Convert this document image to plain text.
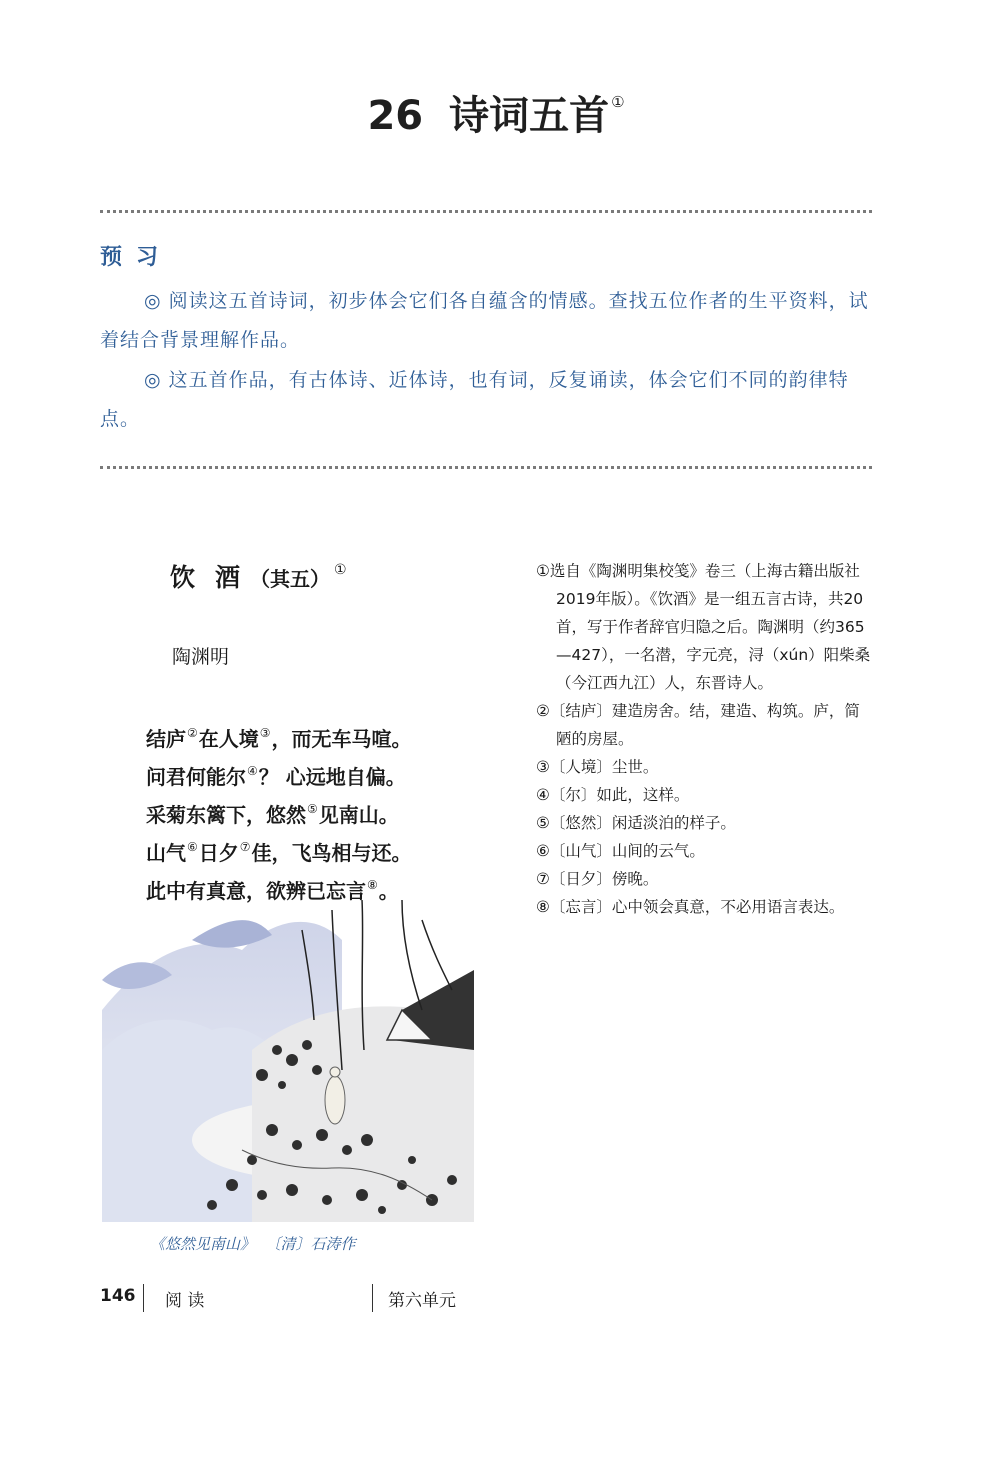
26 诗词五首 ①
预习
◎ 阅读这五首诗词，初步体会它们各自蕴含的情感。查找五位作者的生平资料，试着结合背景理解作品。
◎ 这五首作品，有古体诗、近体诗，也有词，反复诵读，体会它们不同的韵律特点。
饮 酒 （其五） ①
陶渊明
结庐②在人境③，而无车马喧。
问君何能尔④？ 心远地自偏。
采菊东篱下，悠然⑤见南山。
山气⑥日夕⑦佳，飞鸟相与还。
此中有真意，欲辨已忘言⑧。
《悠然见南山》 〔清〕石涛作

①选自《陶渊明集校笺》卷三（上海古籍出版社2019年版）。《饮酒》是一组五言古诗，共20首，写于作者辞官归隐之后。陶渊明（约365—427），一名潜，字元亮，浔（xún）阳柴桑（今江西九江）人，东晋诗人。

②〔结庐〕建造房舍。结，建造、构筑。庐，简陋的房屋。

③〔人境〕尘世。

④〔尔〕如此，这样。

⑤〔悠然〕闲适淡泊的样子。

⑥〔山气〕山间的云气。

⑦〔日夕〕傍晚。

⑧〔忘言〕心中领会真意，不必用语言表达。

146 阅 读	第六单元
